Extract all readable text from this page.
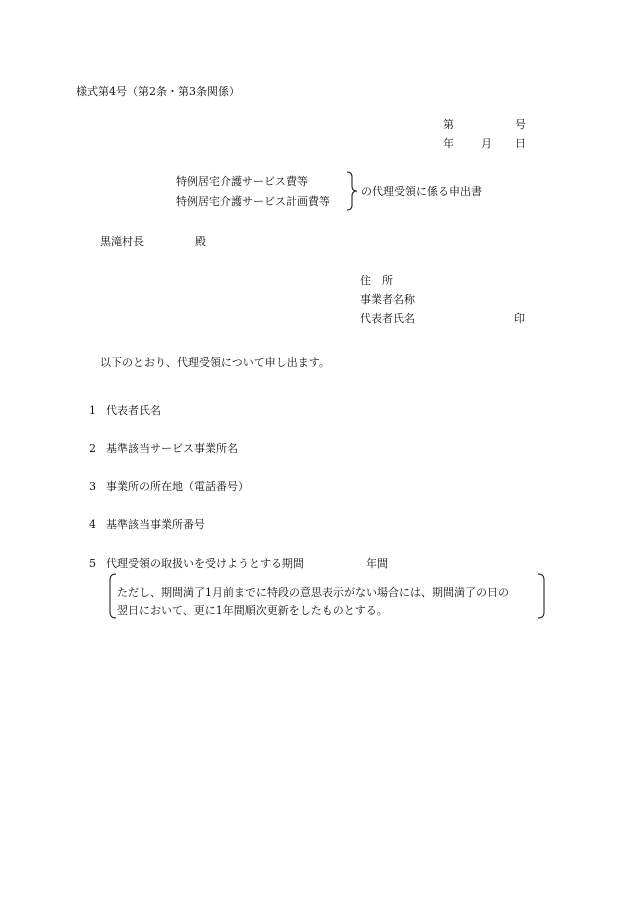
様式第4号（第2条・第3条関係）
第	号
年 月 日
特例居宅介護サービス費等
特例居宅介護サービス計画費等
の代理受領に係る申出書
黒滝村長	殿
住　所
事業者名称
代表者氏名	印
以下のとおり、代理受領について申し出ます。
1 代表者氏名
2 基準該当サービス事業所名
3 事業所の所在地（電話番号）
4 基準該当事業所番号
5 代理受領の取扱いを受けようとする期間	年間
ただし、期間満了1月前までに特段の意思表示がない場合には、期間満了の日の
翌日において、更に1年間順次更新をしたものとする。
